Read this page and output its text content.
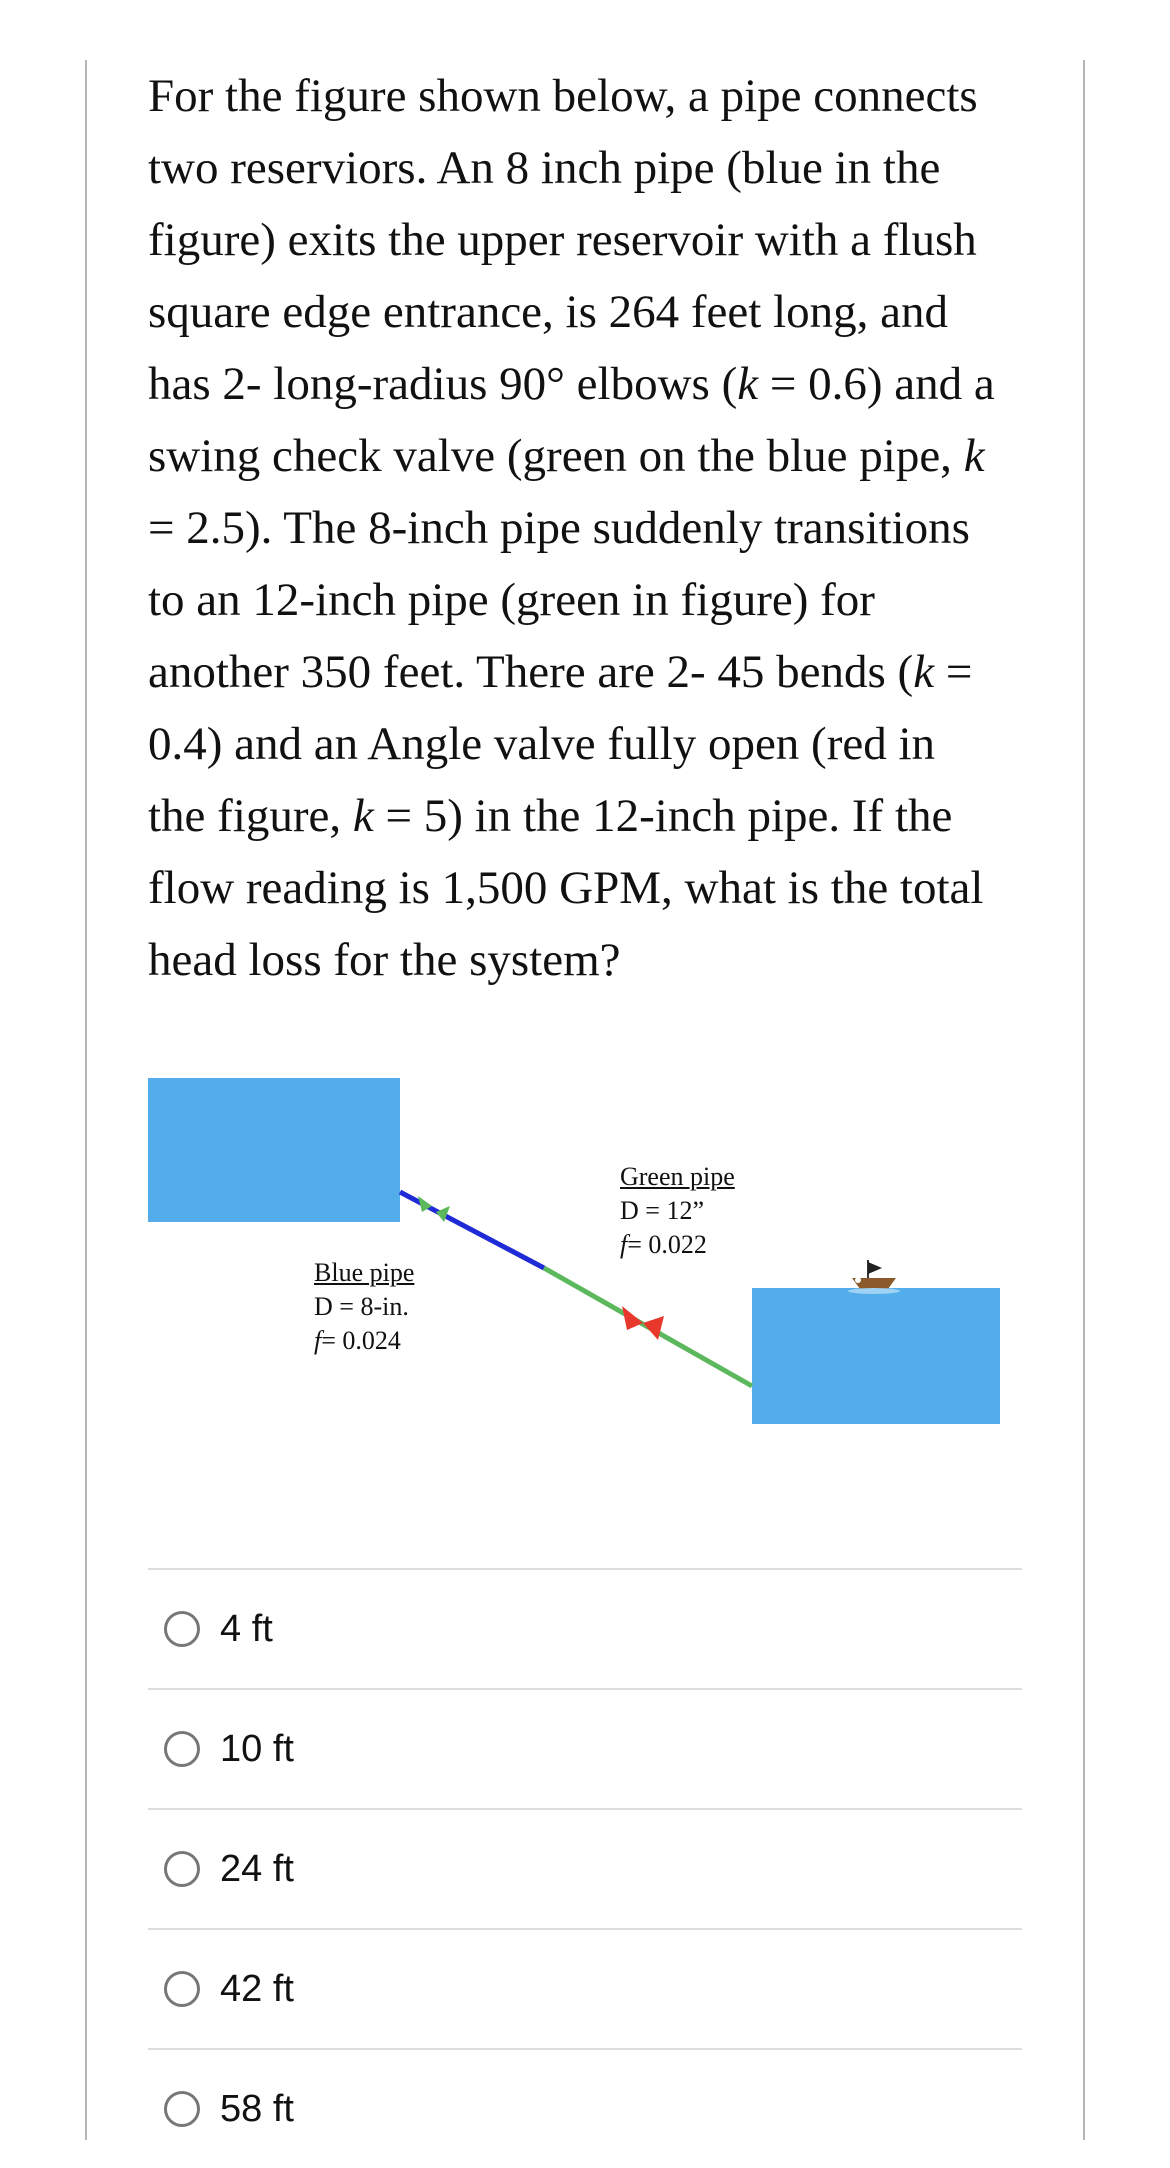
For the figure shown below, a pipe connects

two reserviors. An 8 inch pipe (blue in the

figure) exits the upper reservoir with a flush

square edge entrance, is 264 feet long, and

has 2- long-radius 90° elbows (k = 0.6) and a

swing check valve (green on the blue pipe, k

= 2.5). The 8-inch pipe suddenly transitions

to an 12-inch pipe (green in figure) for

another 350 feet. There are 2- 45 bends (k =

0.4) and an Angle valve fully open (red in

the figure, k = 5) in the 12-inch pipe. If the

flow reading is 1,500 GPM, what is the total

head loss for the system?

Blue pipe
D = 8-in.
f= 0.024
Green pipe
D = 12”
f= 0.022
4 ft
10 ft
24 ft
42 ft
58 ft
